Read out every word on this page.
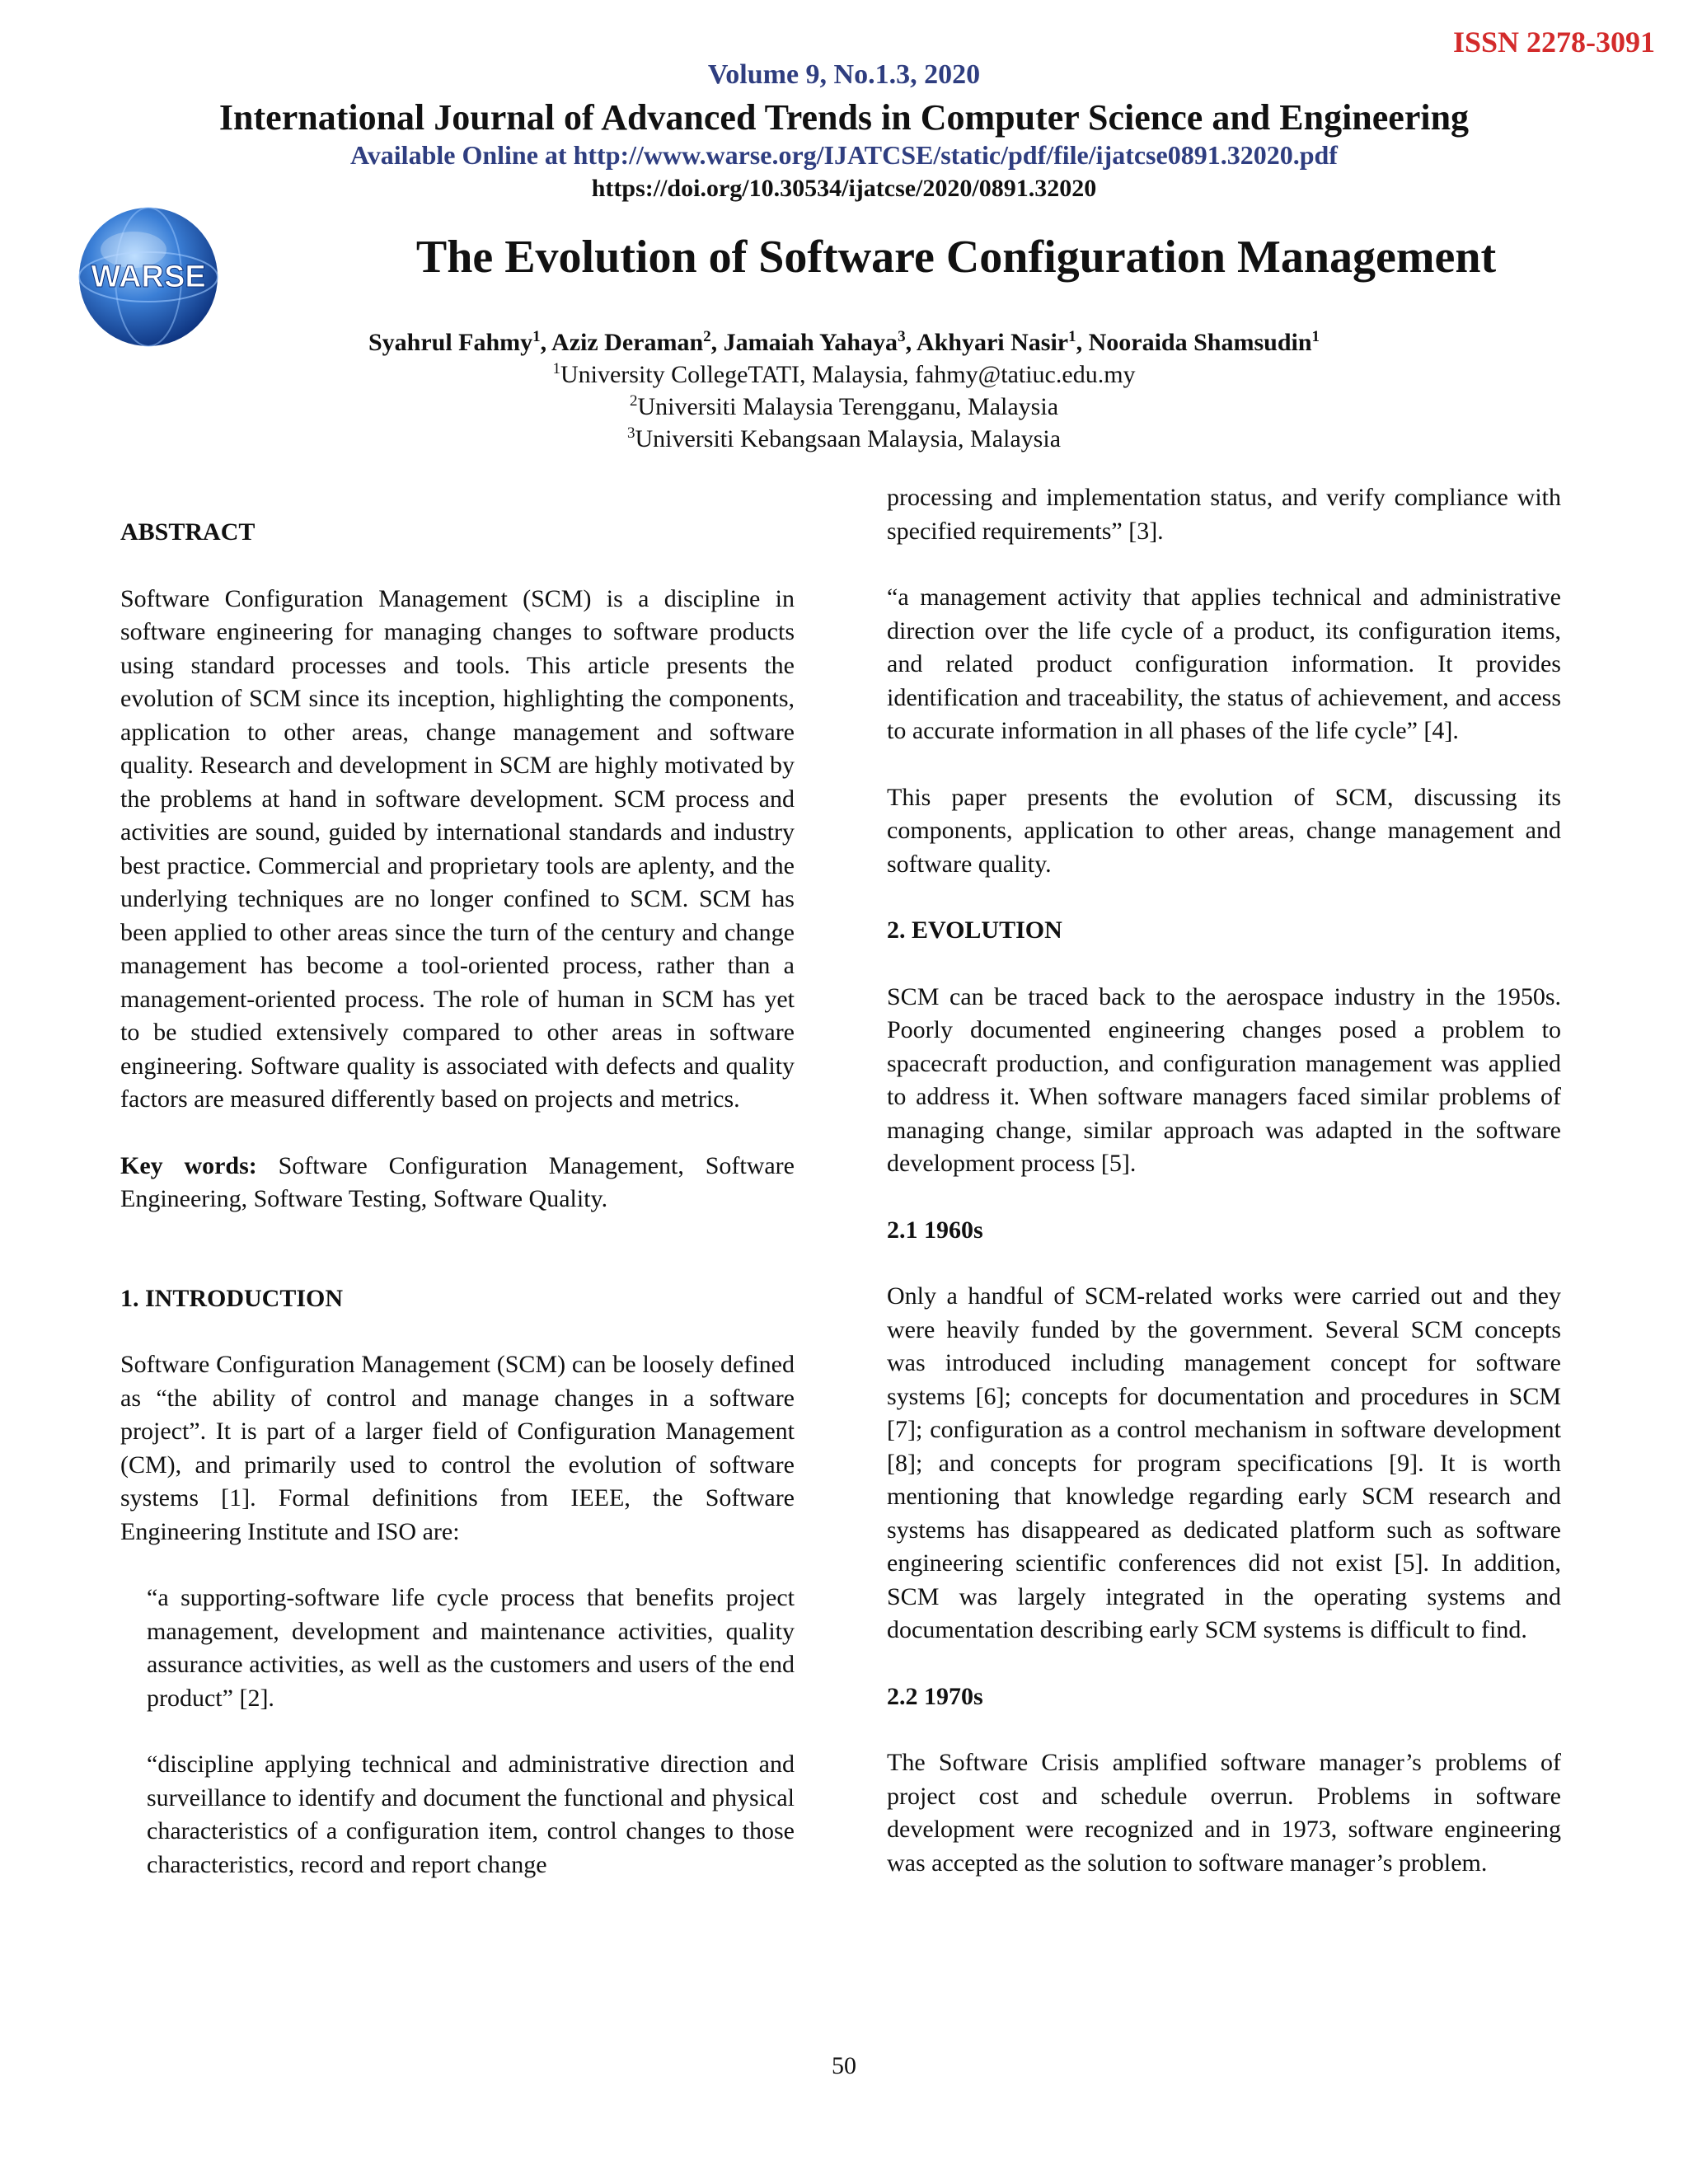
ISSN 2278-3091
Volume 9, No.1.3, 2020
International Journal of Advanced Trends in Computer Science and Engineering
Available Online at http://www.warse.org/IJATCSE/static/pdf/file/ijatcse0891.32020.pdf
https://doi.org/10.30534/ijatcse/2020/0891.32020
WARSE	The Evolution of Software Configuration Management
Syahrul Fahmy$^1$, Aziz Deraman$^2$, Jamaiah Yahaya$^3$, Akhyari Nasir$^1$, Nooraida Shamsudin$^1$
$^1$University CollegeTATI, Malaysia, fahmy@tatiuc.edu.my
$^2$Universiti Malaysia Terengganu, Malaysia
$^3$Universiti Kebangsaan Malaysia, Malaysia
ABSTRACT

Software Configuration Management (SCM) is a discipline in software engineering for managing changes to software products using standard processes and tools. This article presents the evolution of SCM since its inception, highlighting the components, application to other areas, change management and software quality. Research and development in SCM are highly motivated by the problems at hand in software development. SCM process and activities are sound, guided by international standards and industry best practice. Commercial and proprietary tools are aplenty, and the underlying techniques are no longer confined to SCM. SCM has been applied to other areas since the turn of the century and change management has become a tool-oriented process, rather than a management-oriented process. The role of human in SCM has yet to be studied extensively compared to other areas in software engineering. Software quality is associated with defects and quality factors are measured differently based on projects and metrics.

Key words: Software Configuration Management, Software Engineering, Software Testing, Software Quality.

1. INTRODUCTION

Software Configuration Management (SCM) can be loosely defined as “the ability of control and manage changes in a software project”. It is part of a larger field of Configuration Management (CM), and primarily used to control the evolution of software systems [1]. Formal definitions from IEEE, the Software Engineering Institute and ISO are:

“a supporting-software life cycle process that benefits project management, development and maintenance activities, quality assurance activities, as well as the customers and users of the end product” [2].

“discipline applying technical and administrative direction and surveillance to identify and document the functional and physical characteristics of a configuration item, control changes to those characteristics, record and report change

processing and implementation status, and verify compliance with specified requirements” [3].

“a management activity that applies technical and administrative direction over the life cycle of a product, its configuration items, and related product configuration information. It provides identification and traceability, the status of achievement, and access to accurate information in all phases of the life cycle” [4].

This paper presents the evolution of SCM, discussing its components, application to other areas, change management and software quality.

2. EVOLUTION

SCM can be traced back to the aerospace industry in the 1950s. Poorly documented engineering changes posed a problem to spacecraft production, and configuration management was applied to address it. When software managers faced similar problems of managing change, similar approach was adapted in the software development process [5].

2.1 1960s

Only a handful of SCM-related works were carried out and they were heavily funded by the government. Several SCM concepts was introduced including management concept for software systems [6]; concepts for documentation and procedures in SCM [7]; configuration as a control mechanism in software development [8]; and concepts for program specifications [9]. It is worth mentioning that knowledge regarding early SCM research and systems has disappeared as dedicated platform such as software engineering scientific conferences did not exist [5]. In addition, SCM was largely integrated in the operating systems and documentation describing early SCM systems is difficult to find.

2.2 1970s

The Software Crisis amplified software manager’s problems of project cost and schedule overrun. Problems in software development were recognized and in 1973, software engineering was accepted as the solution to software manager’s problem.

50
